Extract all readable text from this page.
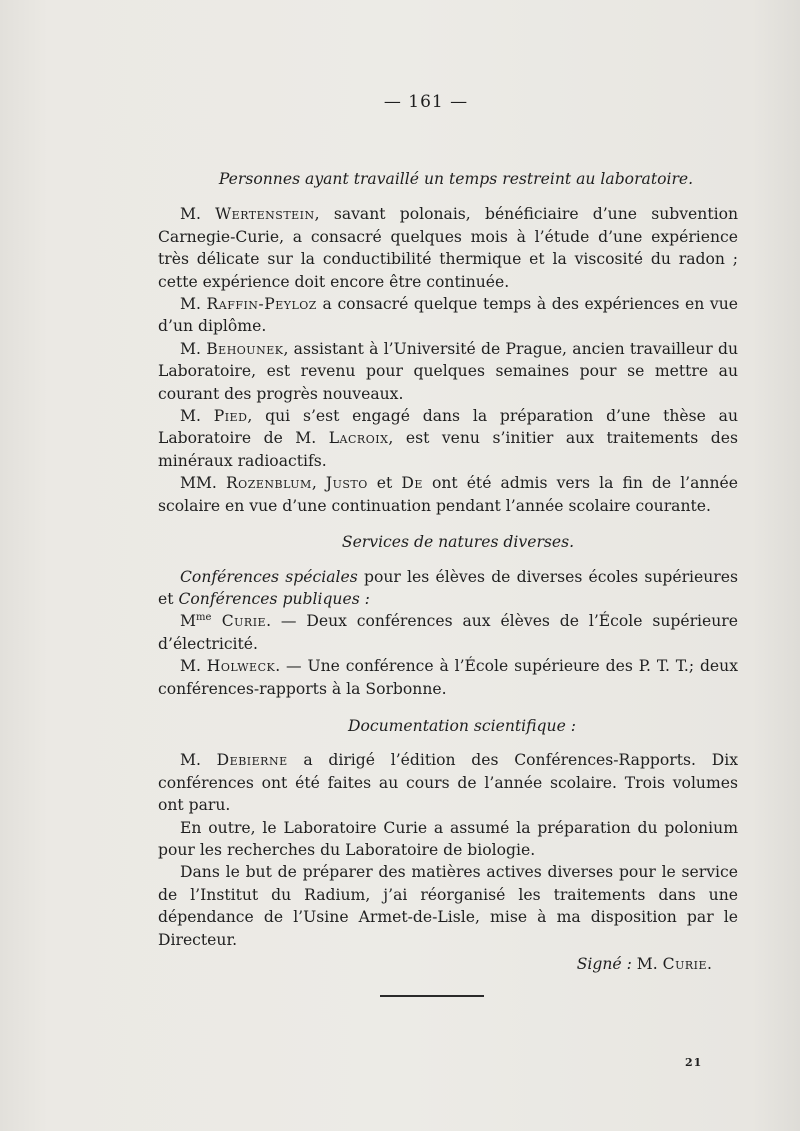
— 161 —
Personnes ayant travaillé un temps restreint au laboratoire.

M. Wertenstein, savant polonais, bénéficiaire d’une subvention Carnegie-Curie, a consacré quelques mois à l’étude d’une expérience très délicate sur la conductibilité thermique et la viscosité du radon ; cette expérience doit encore être continuée.

M. Raffin-Peyloz a consacré quelque temps à des expériences en vue d’un diplôme.

M. Behounek, assistant à l’Université de Prague, ancien travailleur du Laboratoire, est revenu pour quelques semaines pour se mettre au courant des progrès nouveaux.

M. Pied, qui s’est engagé dans la préparation d’une thèse au Laboratoire de M. Lacroix, est venu s’initier aux traitements des minéraux radioactifs.

MM. Rozenblum, Justo et De ont été admis vers la fin de l’année scolaire en vue d’une continuation pendant l’année scolaire courante.

Services de natures diverses.

Conférences spéciales pour les élèves de diverses écoles supérieures et Conférences publiques :

$M^{me}$ Curie. — Deux conférences aux élèves de l’École supérieure d’électricité.

M. Holweck. — Une conférence à l’École supérieure des P. T. T.; deux conférences-rapports à la Sorbonne.

Documentation scientifique :

M. Debierne a dirigé l’édition des Conférences-Rapports. Dix conférences ont été faites au cours de l’année scolaire. Trois volumes ont paru.

En outre, le Laboratoire Curie a assumé la préparation du polonium pour les recherches du Laboratoire de biologie.

Dans le but de préparer des matières actives diverses pour le service de l’Institut du Radium, j’ai réorganisé les traitements dans une dépendance de l’Usine Armet-de-Lisle, mise à ma disposition par le Directeur.

Signé : M. Curie.
21
